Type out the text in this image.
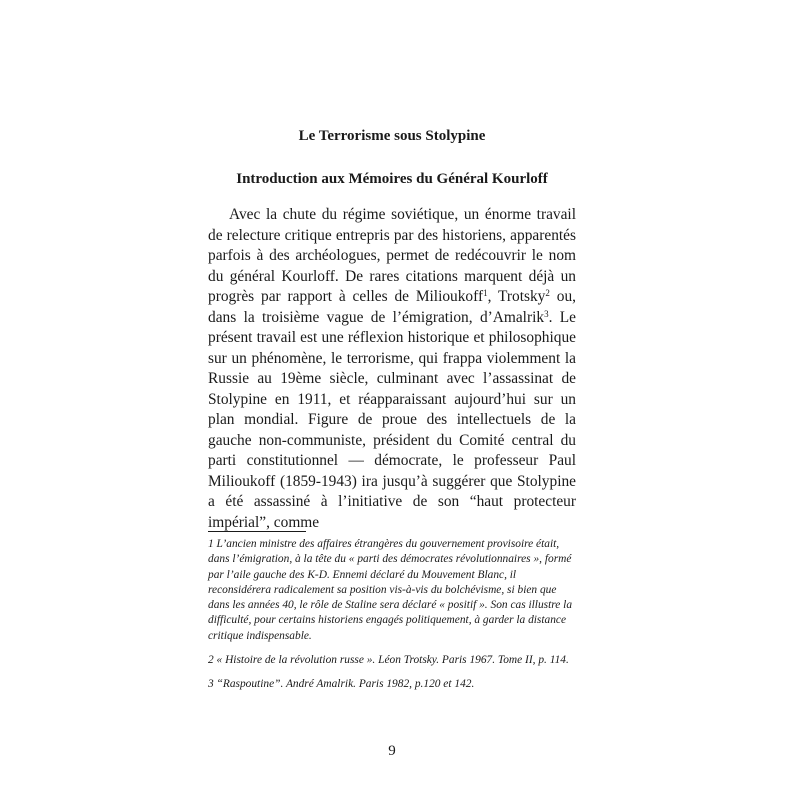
Le Terrorisme sous Stolypine
Introduction aux Mémoires du Général Kourloff

Avec la chute du régime soviétique, un énorme travail de relecture critique entrepris par des historiens, apparentés parfois à des archéologues, permet de redécouvrir le nom du général Kourloff. De rares citations marquent déjà un progrès par rapport à celles de Milioukoff$^1$, Trotsky$^2$ ou, dans la troisième vague de l’émigration, d’Amalrik$^3$. Le présent travail est une réflexion historique et philosophique sur un phénomène, le terrorisme, qui frappa violemment la Russie au 19ème siècle, culminant avec l’assassinat de Stolypine en 1911, et réapparaissant aujourd’hui sur un plan mondial. Figure de proue des intellectuels de la gauche non-communiste, président du Comité central du parti constitutionnel — démocrate, le professeur Paul Milioukoff (1859-1943) ira jusqu’à suggérer que Stolypine a été assassiné à l’initiative de son “haut protecteur impérial”, comme

1 L’ancien ministre des affaires étrangères du gouvernement provisoire était, dans l’émigration, à la tête du « parti des démocrates révolutionnaires », formé par l’aile gauche des K-D. Ennemi déclaré du Mouvement Blanc, il reconsidérera radicalement sa position vis-à-vis du bolchévisme, si bien que dans les années 40, le rôle de Staline sera déclaré « positif ». Son cas illustre la difficulté, pour certains historiens engagés politiquement, à garder la distance critique indispensable.

2 « Histoire de la révolution russe ». Léon Trotsky. Paris 1967. Tome II, p. 114.

3 “Raspoutine”. André Amalrik. Paris 1982, p.120 et 142.

9
